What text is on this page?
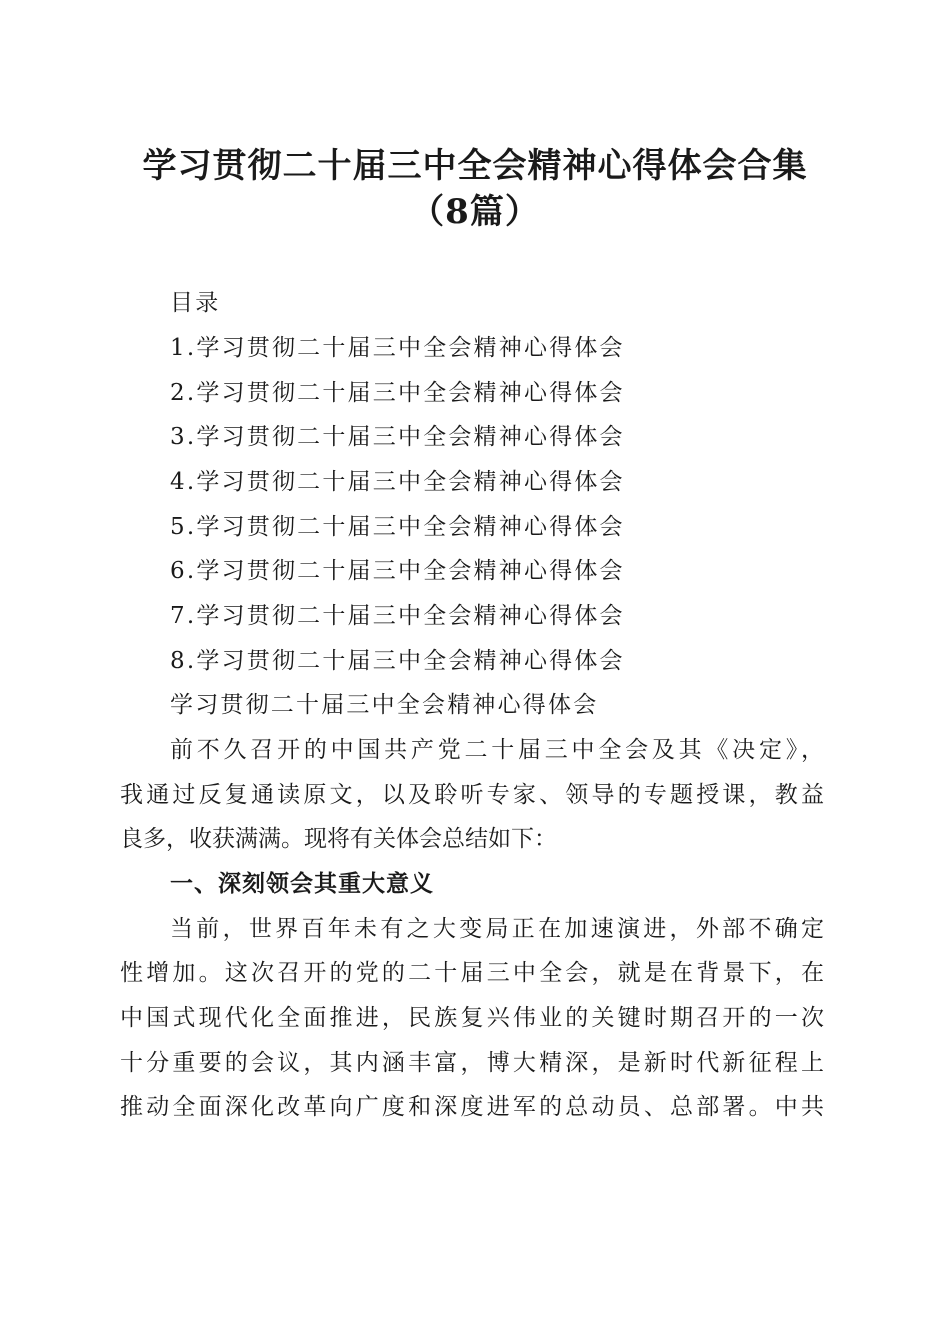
学习贯彻二十届三中全会精神心得体会合集
（8篇）
目录
1.学习贯彻二十届三中全会精神心得体会
2.学习贯彻二十届三中全会精神心得体会
3.学习贯彻二十届三中全会精神心得体会
4.学习贯彻二十届三中全会精神心得体会
5.学习贯彻二十届三中全会精神心得体会
6.学习贯彻二十届三中全会精神心得体会
7.学习贯彻二十届三中全会精神心得体会
8.学习贯彻二十届三中全会精神心得体会
学习贯彻二十届三中全会精神心得体会
前不久召开的中国共产党二十届三中全会及其《决定》，
我通过反复通读原文，以及聆听专家、领导的专题授课，教益
良多，收获满满。现将有关体会总结如下：
一、深刻领会其重大意义
当前，世界百年未有之大变局正在加速演进，外部不确定
性增加。这次召开的党的二十届三中全会，就是在背景下，在
中国式现代化全面推进，民族复兴伟业的关键时期召开的一次
十分重要的会议，其内涵丰富，博大精深，是新时代新征程上
推动全面深化改革向广度和深度进军的总动员、总部署。中共
